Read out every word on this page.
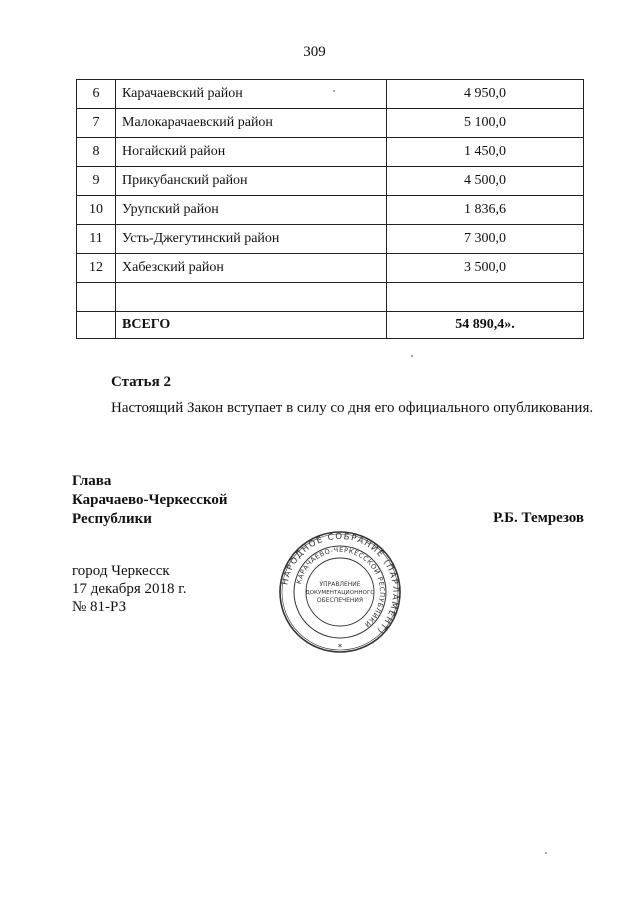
309
6	Карачаевский район	4 950,0
7	Малокарачаевский район	5 100,0
8	Ногайский район	1 450,0
9	Прикубанский район	4 500,0
10	Урупский район	1 836,6
11	Усть-Джегутинский район	7 300,0
12	Хабезский район	3 500,0

	ВСЕГО	54 890,4».
Статья 2
Настоящий Закон вступает в силу со дня его официального опубликования.
Глава
Карачаево-Черкесской
Республики	Р.Б. Темрезов
город Черкесск
17 декабря 2018 г.
№ 81-РЗ
НАРОДНОЕ СОБРАНИЕ (ПАРЛАМЕНТ)
КАРАЧАЕВО-ЧЕРКЕССКОЙ РЕСПУБЛИКИ
УПРАВЛЕНИЕ
ДОКУМЕНТАЦИОННОГО
ОБЕСПЕЧЕНИЯ
*
